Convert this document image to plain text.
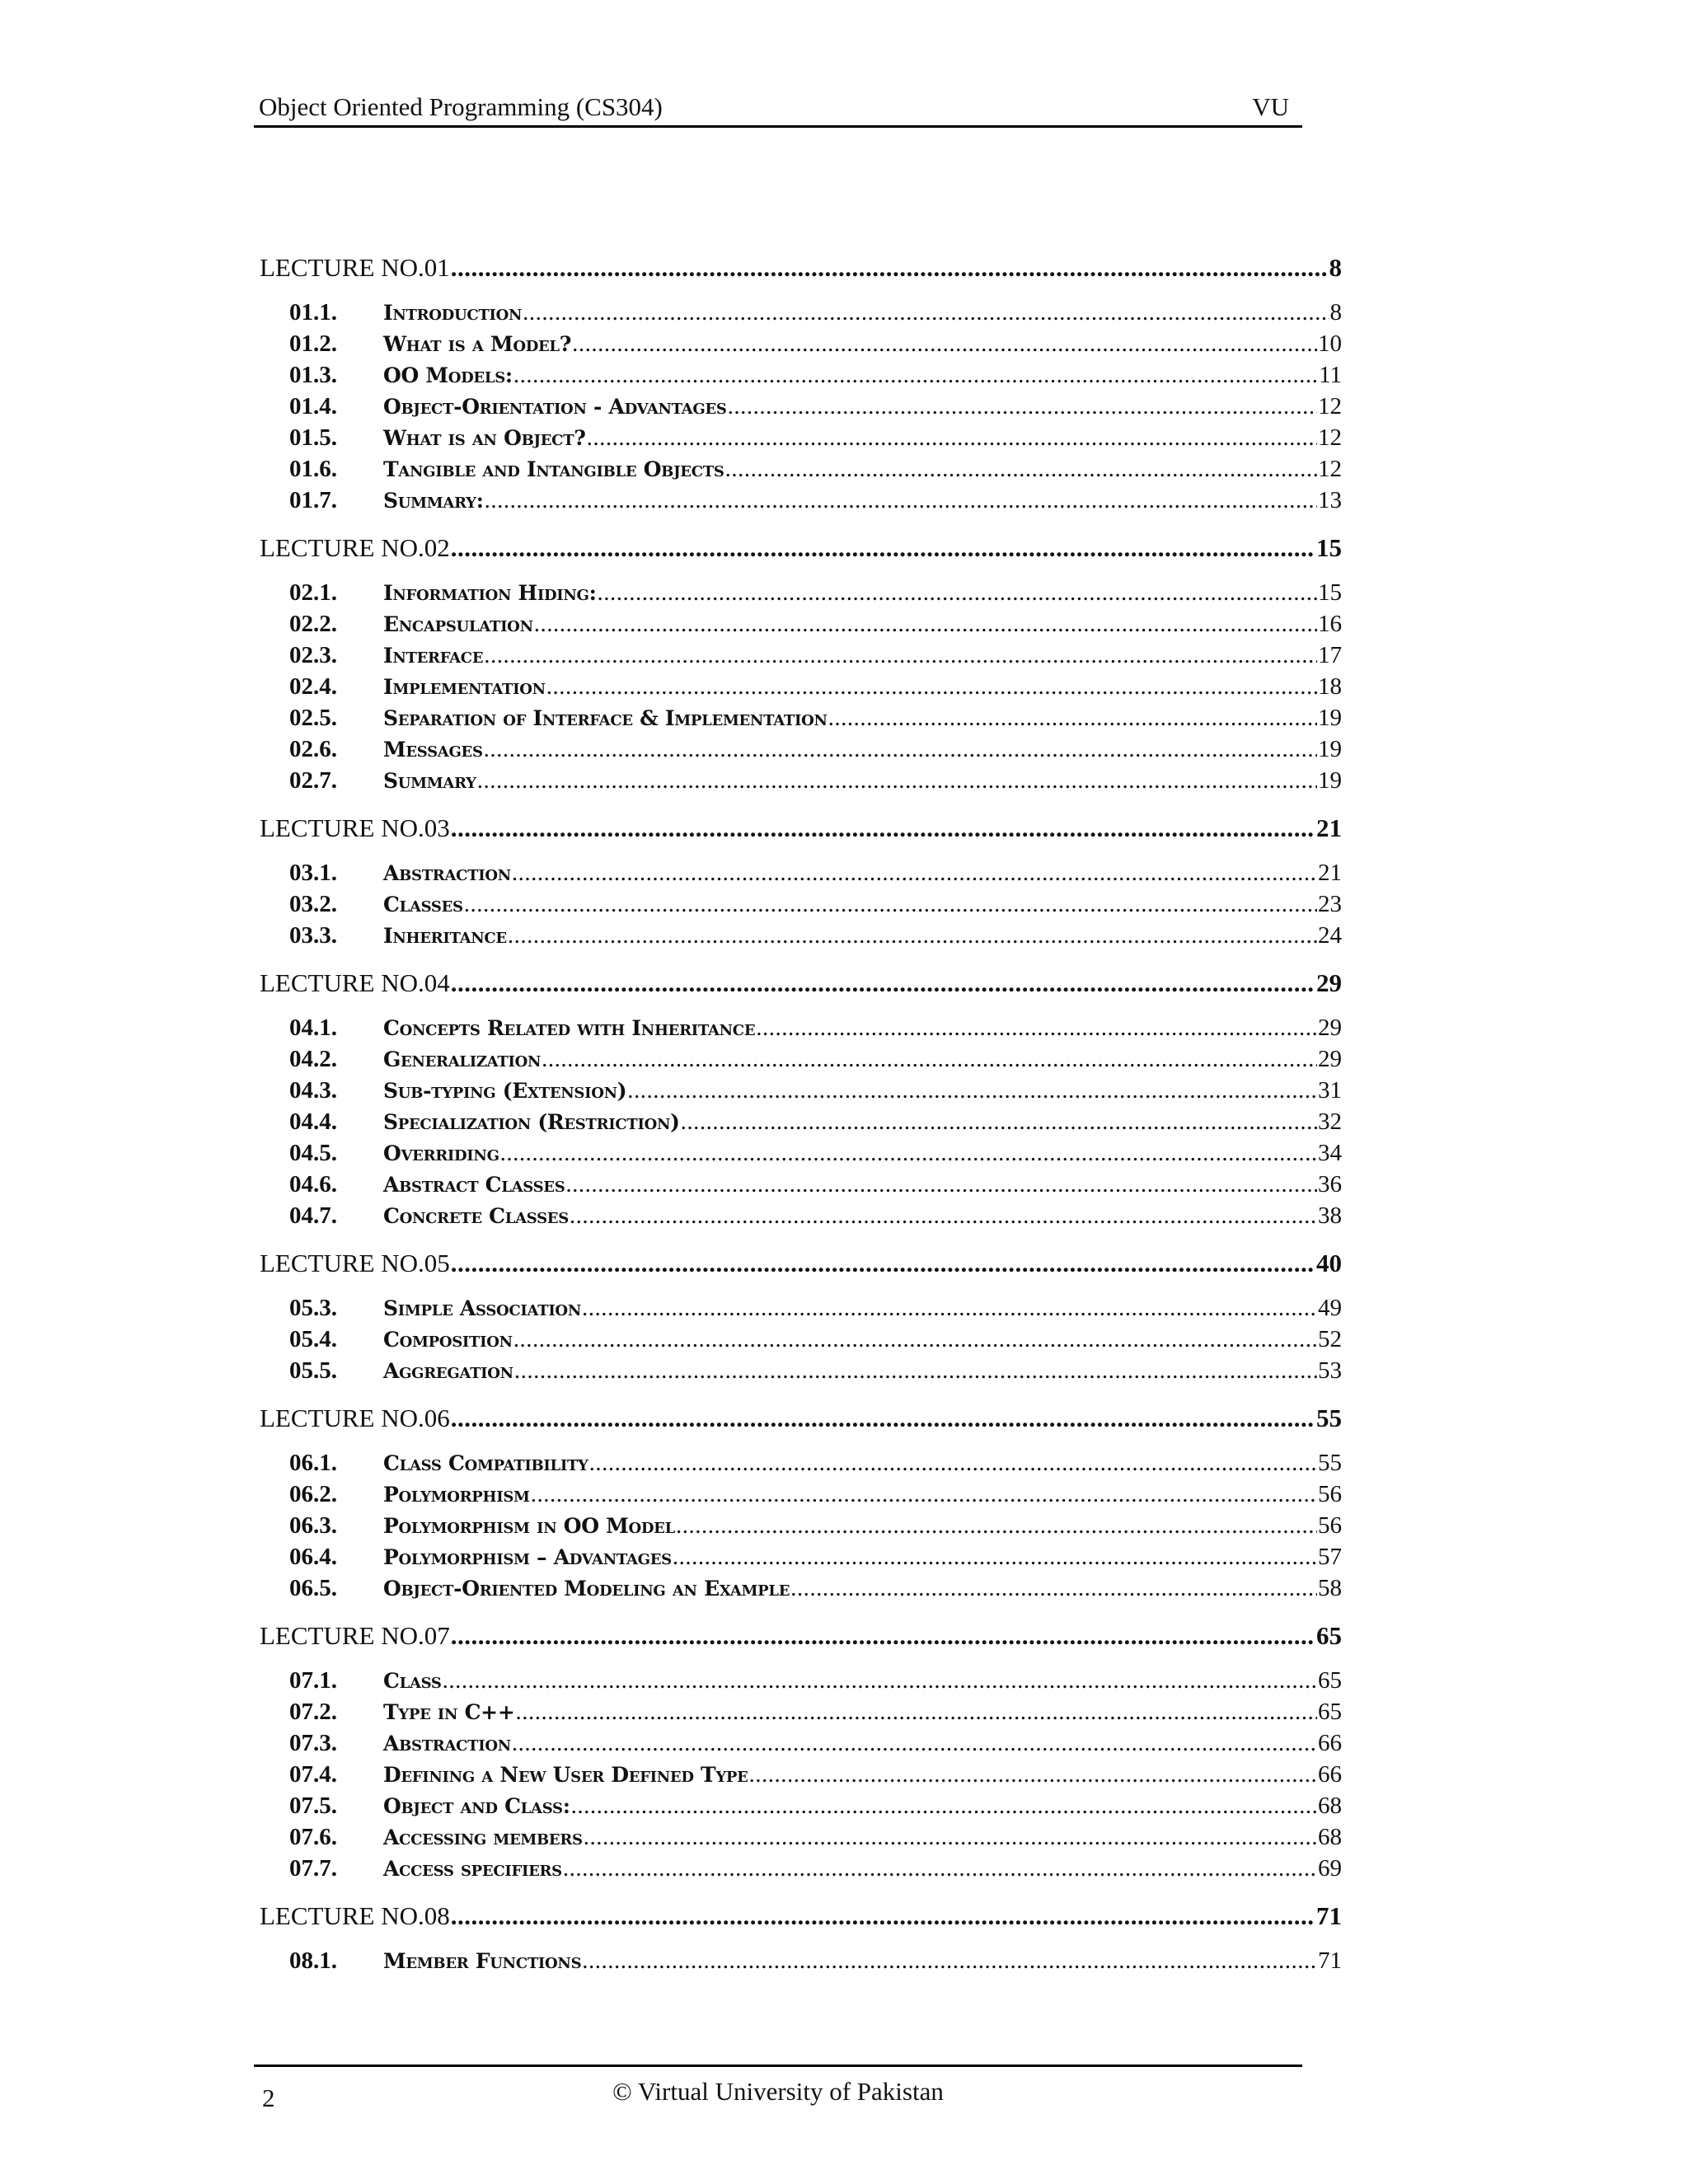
Object Oriented Programming (CS304)	VU
LECTURE NO.01 .....	8
01.1.	Introduction .....	8
01.2.	What is a Model? .....	10
01.3.	OO Models: .....	11
01.4.	Object-Orientation - Advantages .....	12
01.5.	What is an Object? .....	12
01.6.	Tangible and Intangible Objects .....	12
01.7.	Summary: .....	13
LECTURE NO.02 .....	15
02.1.	Information Hiding: .....	15
02.2.	Encapsulation .....	16
02.3.	Interface .....	17
02.4.	Implementation .....	18
02.5.	Separation of Interface & Implementation .....	19
02.6.	Messages .....	19
02.7.	Summary .....	19
LECTURE NO.03 .....	21
03.1.	Abstraction .....	21
03.2.	Classes .....	23
03.3.	Inheritance .....	24
LECTURE NO.04 .....	29
04.1.	Concepts Related with Inheritance .....	29
04.2.	Generalization .....	29
04.3.	Sub-typing (Extension) .....	31
04.4.	Specialization (Restriction) .....	32
04.5.	Overriding .....	34
04.6.	Abstract Classes .....	36
04.7.	Concrete Classes .....	38
LECTURE NO.05 .....	40
05.3.	Simple Association .....	49
05.4.	Composition .....	52
05.5.	Aggregation .....	53
LECTURE NO.06 .....	55
06.1.	Class Compatibility .....	55
06.2.	Polymorphism .....	56
06.3.	Polymorphism in OO Model .....	56
06.4.	Polymorphism – Advantages .....	57
06.5.	Object-Oriented Modeling an Example .....	58
LECTURE NO.07 .....	65
07.1.	Class .....	65
07.2.	Type in C++ .....	65
07.3.	Abstraction .....	66
07.4.	Defining a New User Defined Type .....	66
07.5.	Object and Class: .....	68
07.6.	Accessing members .....	68
07.7.	Access specifiers .....	69
LECTURE NO.08 .....	71
08.1.	Member Functions .....	71
2	© Virtual University of Pakistan
